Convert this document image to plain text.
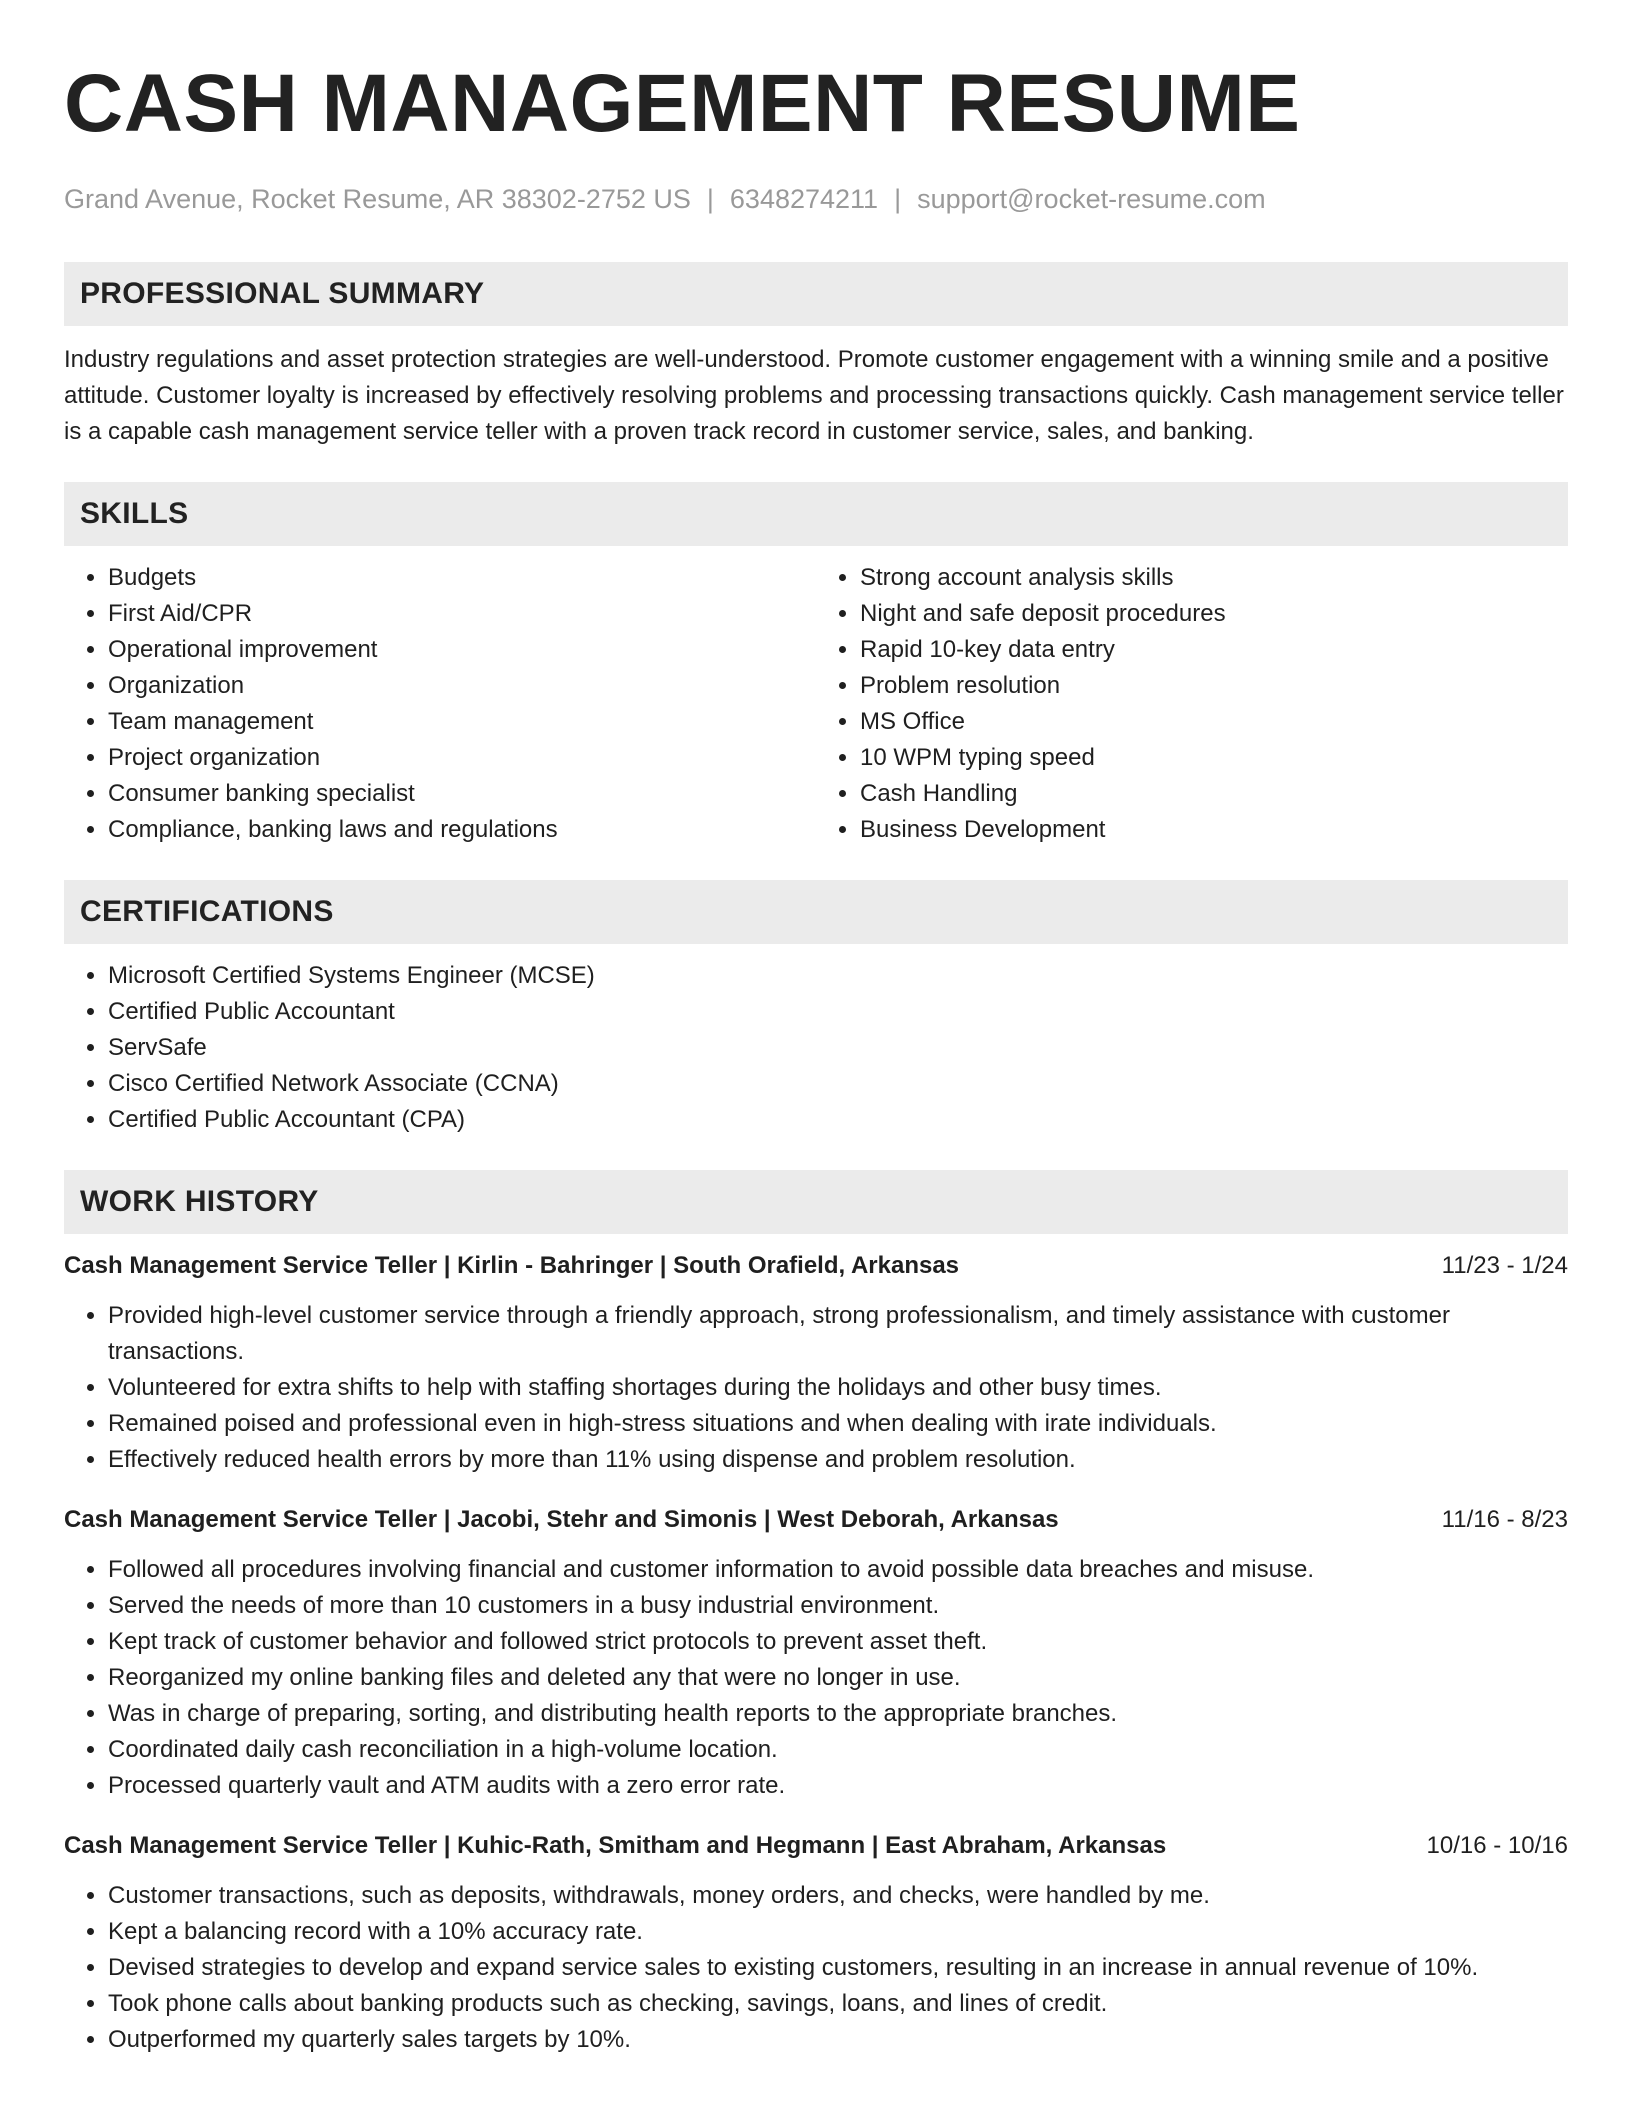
CASH MANAGEMENT RESUME
Grand Avenue, Rocket Resume, AR 38302-2752 US | 6348274211 | support@rocket-resume.com
PROFESSIONAL SUMMARY

Industry regulations and asset protection strategies are well-understood. Promote customer engagement with a winning smile and a positive attitude. Customer loyalty is increased by effectively resolving problems and processing transactions quickly. Cash management service teller is a capable cash management service teller with a proven track record in customer service, sales, and banking.

SKILLS
• Budgets
• First Aid/CPR
• Operational improvement
• Organization
• Team management
• Project organization
• Consumer banking specialist
• Compliance, banking laws and regulations
• Strong account analysis skills
• Night and safe deposit procedures
• Rapid 10-key data entry
• Problem resolution
• MS Office
• 10 WPM typing speed
• Cash Handling
• Business Development
CERTIFICATIONS
• Microsoft Certified Systems Engineer (MCSE)
• Certified Public Accountant
• ServSafe
• Cisco Certified Network Associate (CCNA)
• Certified Public Accountant (CPA)
WORK HISTORY
Cash Management Service Teller | Kirlin - Bahringer | South Orafield, Arkansas	11/23 - 1/24
• Provided high-level customer service through a friendly approach, strong professionalism, and timely assistance with customer transactions.
• Volunteered for extra shifts to help with staffing shortages during the holidays and other busy times.
• Remained poised and professional even in high-stress situations and when dealing with irate individuals.
• Effectively reduced health errors by more than 11% using dispense and problem resolution.
Cash Management Service Teller | Jacobi, Stehr and Simonis | West Deborah, Arkansas	11/16 - 8/23
• Followed all procedures involving financial and customer information to avoid possible data breaches and misuse.
• Served the needs of more than 10 customers in a busy industrial environment.
• Kept track of customer behavior and followed strict protocols to prevent asset theft.
• Reorganized my online banking files and deleted any that were no longer in use.
• Was in charge of preparing, sorting, and distributing health reports to the appropriate branches.
• Coordinated daily cash reconciliation in a high-volume location.
• Processed quarterly vault and ATM audits with a zero error rate.
Cash Management Service Teller | Kuhic-Rath, Smitham and Hegmann | East Abraham, Arkansas	10/16 - 10/16
• Customer transactions, such as deposits, withdrawals, money orders, and checks, were handled by me.
• Kept a balancing record with a 10% accuracy rate.
• Devised strategies to develop and expand service sales to existing customers, resulting in an increase in annual revenue of 10%.
• Took phone calls about banking products such as checking, savings, loans, and lines of credit.
• Outperformed my quarterly sales targets by 10%.
